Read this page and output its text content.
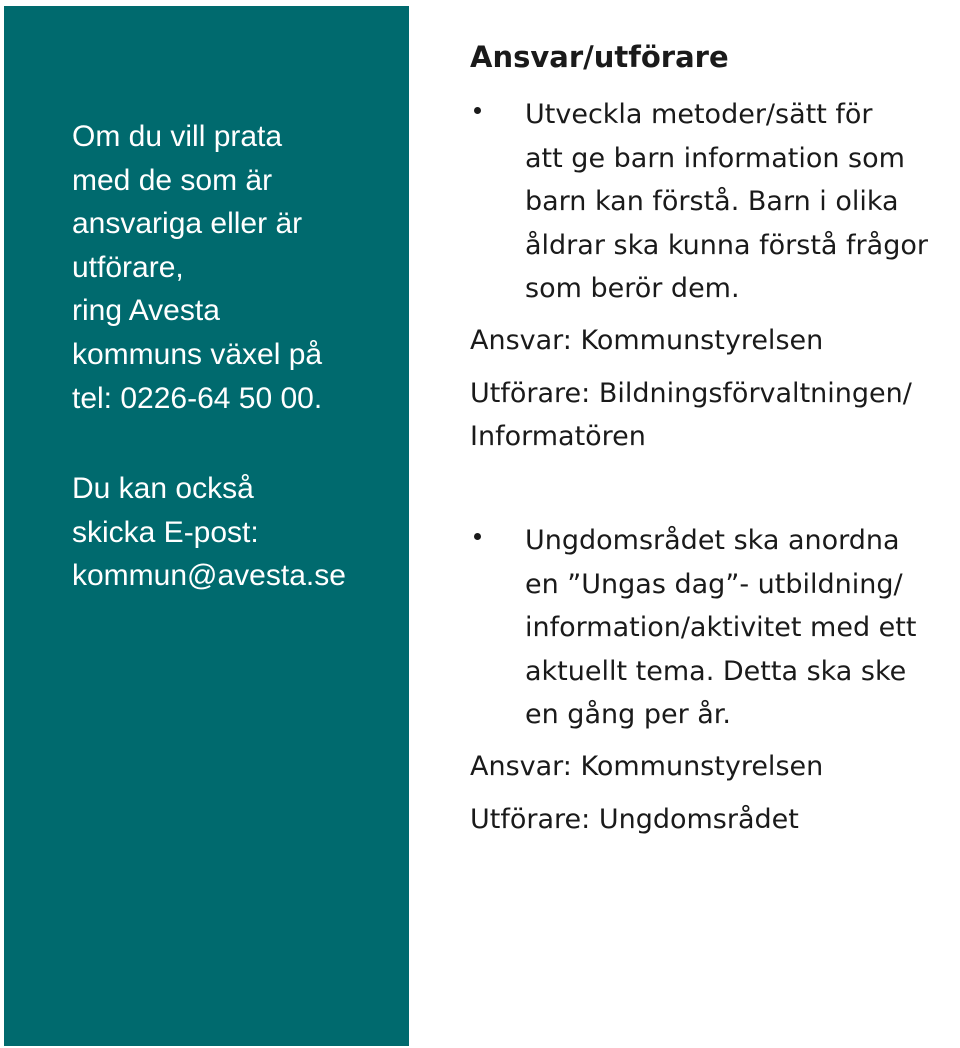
Om du vill prata
med de som är
ansvariga eller är
utförare,
ring Avesta
kommuns växel på
tel: 0226-64 50 00.
Du kan också
skicka E-post:
kommun@avesta.se
Ansvar/utförare
Utveckla metoder/sätt för
att ge barn information som
barn kan förstå. Barn i olika
åldrar ska kunna förstå frågor
som berör dem.
Ansvar: Kommunstyrelsen
Utförare: Bildningsförvaltningen/
Informatören
Ungdomsrådet ska anordna
en ”Ungas dag”- utbildning/
information/aktivitet med ett
aktuellt tema. Detta ska ske
en gång per år.
Ansvar: Kommunstyrelsen
Utförare: Ungdomsrådet
